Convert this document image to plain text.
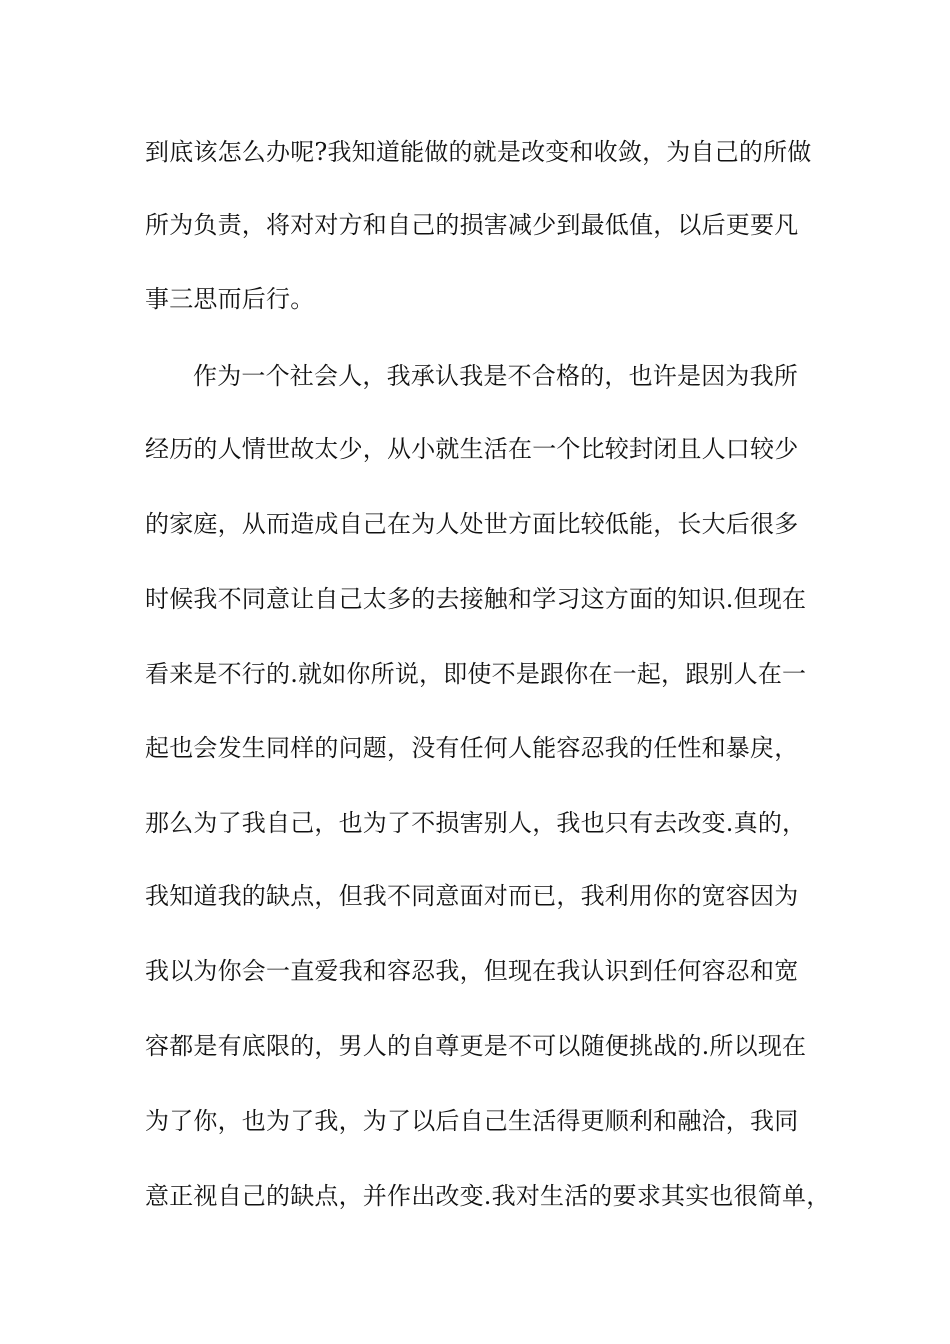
到底该怎么办呢?我知道能做的就是改变和收敛，为自己的所做
所为负责，将对对方和自己的损害减少到最低值，以后更要凡
事三思而后行。
作为一个社会人，我承认我是不合格的，也许是因为我所
经历的人情世故太少，从小就生活在一个比较封闭且人口较少
的家庭，从而造成自己在为人处世方面比较低能，长大后很多
时候我不同意让自己太多的去接触和学习这方面的知识.但现在
看来是不行的.就如你所说，即使不是跟你在一起，跟别人在一
起也会发生同样的问题，没有任何人能容忍我的任性和暴戾，
那么为了我自己，也为了不损害别人，我也只有去改变.真的，
我知道我的缺点，但我不同意面对而已，我利用你的宽容因为
我以为你会一直爱我和容忍我，但现在我认识到任何容忍和宽
容都是有底限的，男人的自尊更是不可以随便挑战的.所以现在
为了你，也为了我，为了以后自己生活得更顺利和融洽，我同
意正视自己的缺点，并作出改变.我对生活的要求其实也很简单，
